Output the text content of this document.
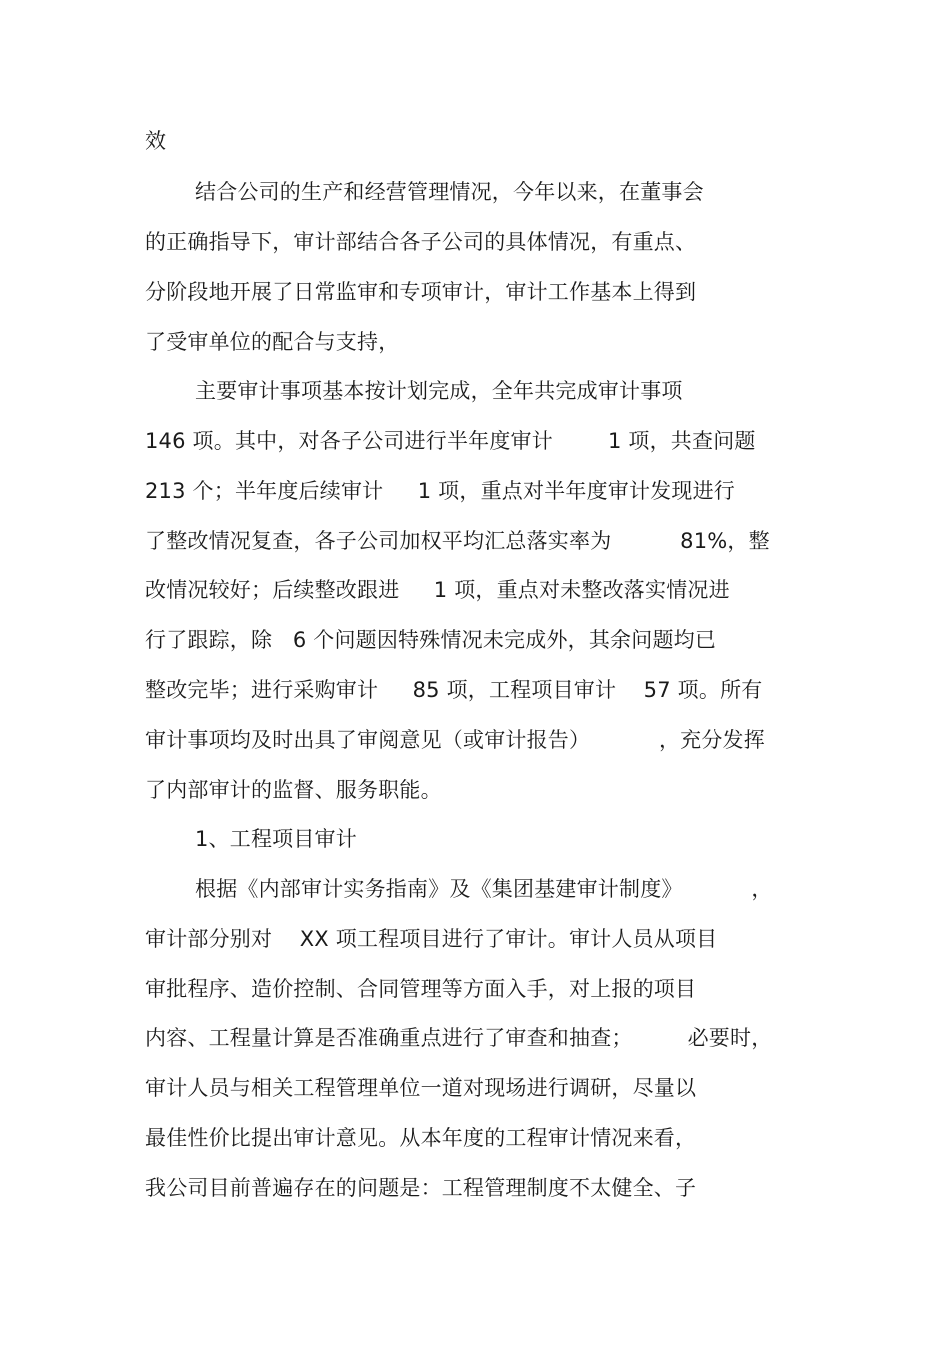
效
结合公司的生产和经营管理情况，今年以来，在董事会
的正确指导下，审计部结合各子公司的具体情况，有重点、
分阶段地开展了日常监审和专项审计，审计工作基本上得到
了受审单位的配合与支持，
主要审计事项基本按计划完成，全年共完成审计事项
146 项。其中，对各子公司进行半年度审计        1 项，共查问题
213 个；半年度后续审计     1 项，重点对半年度审计发现进行
了整改情况复查，各子公司加权平均汇总落实率为          81%，整
改情况较好；后续整改跟进     1 项，重点对未整改落实情况进
行了跟踪，除   6 个问题因特殊情况未完成外，其余问题均已
整改完毕；进行采购审计     85 项，工程项目审计    57 项。所有
审计事项均及时出具了审阅意见（或审计报告）          ，充分发挥
了内部审计的监督、服务职能。
1、工程项目审计
根据《内部审计实务指南》及《集团基建审计制度》          ，
审计部分别对    XX 项工程项目进行了审计。审计人员从项目
审批程序、造价控制、合同管理等方面入手，对上报的项目
内容、工程量计算是否准确重点进行了审查和抽查；        必要时，
审计人员与相关工程管理单位一道对现场进行调研，尽量以
最佳性价比提出审计意见。从本年度的工程审计情况来看，
我公司目前普遍存在的问题是：工程管理制度不太健全、子
